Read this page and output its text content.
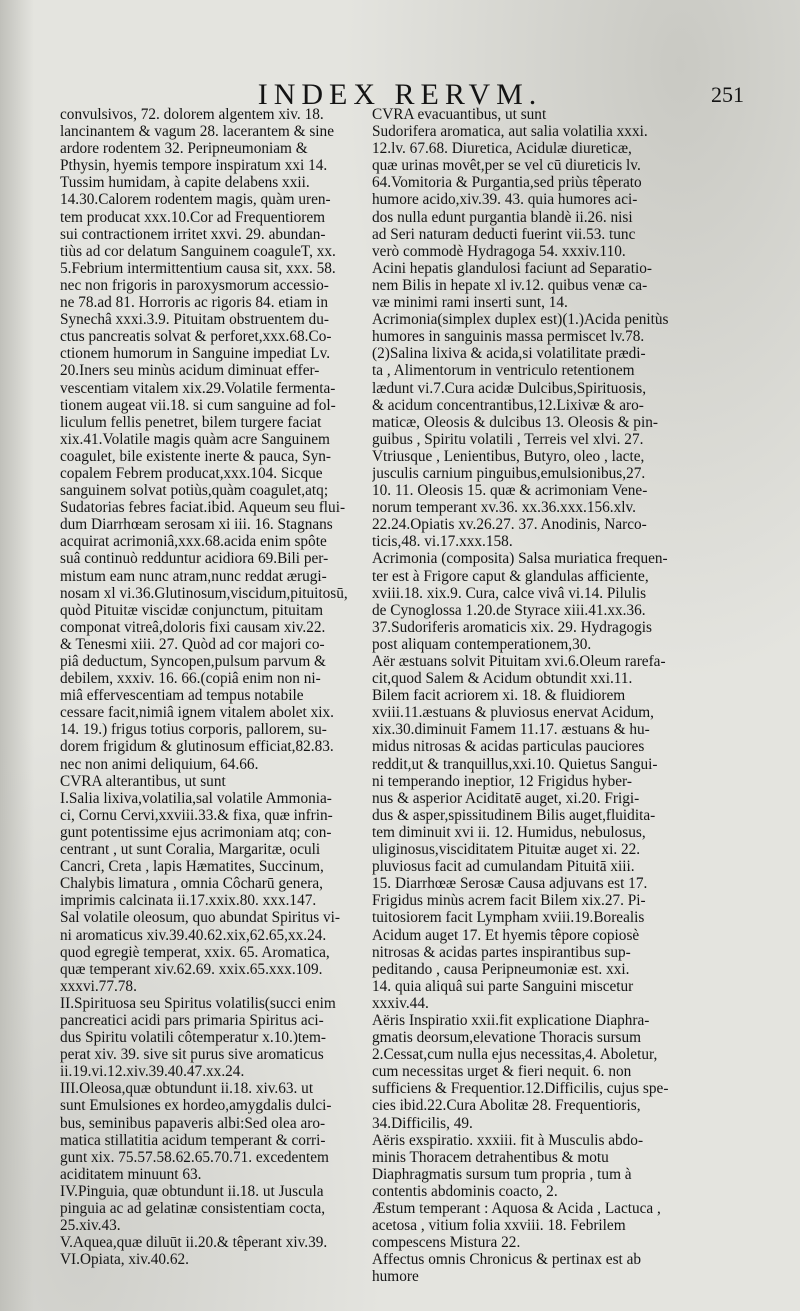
INDEX RERVM.	251
convulsivos, 72. dolorem algentem xiv. 18.
lancinantem & vagum 28. lacerantem & sine
ardore rodentem 32. Peripneumoniam &
Pthysin, hyemis tempore inspiratum xxi 14.
Tussim humidam, à capite delabens xxii.
14.30.Calorem rodentem magis, quàm uren-
tem producat xxx.10.Cor ad Frequentiorem
sui contractionem irritet xxvi. 29. abundan-
tiùs ad cor delatum Sanguinem coaguleT, xx.
5.Febrium intermittentium causa sit, xxx. 58.
nec non frigoris in paroxysmorum accessio-
ne 78.ad 81. Horroris ac rigoris 84. etiam in
Synechâ xxxi.3.9. Pituitam obstruentem du-
ctus pancreatis solvat & perforet,xxx.68.Co-
ctionem humorum in Sanguine impediat Lv.
20.Iners seu minùs acidum diminuat effer-
vescentiam vitalem xix.29.Volatile fermenta-
tionem augeat vii.18. si cum sanguine ad fol-
liculum fellis penetret, bilem turgere faciat
xix.41.Volatile magis quàm acre Sanguinem
coagulet, bile existente inerte & pauca, Syn-
copalem Febrem producat,xxx.104. Sicque
sanguinem solvat potiùs,quàm coagulet,atq;
Sudatorias febres faciat.ibid. Aqueum seu flui-
dum Diarrhœam serosam xi iii. 16. Stagnans
acquirat acrimoniâ,xxx.68.acida enim spôte
suâ continuò redduntur acidiora 69.Bili per-
mistum eam nunc atram,nunc reddat ærugi-
nosam xl vi.36.Glutinosum,viscidum,pituitosū,
quòd Pituitæ viscidæ conjunctum, pituitam
componat vitreâ,doloris fixi causam xiv.22.
& Tenesmi xiii. 27. Quòd ad cor majori co-
piâ deductum, Syncopen,pulsum parvum &
debilem, xxxiv. 16. 66.(copiâ enim non ni-
miâ effervescentiam ad tempus notabile
cessare facit,nimiâ ignem vitalem abolet xix.
14. 19.) frigus totius corporis, pallorem, su-
dorem frigidum & glutinosum efficiat,82.83.
nec non animi deliquium, 64.66.
CVRA alterantibus, ut sunt
I.Salia lixiva,volatilia,sal volatile Ammonia-
ci, Cornu Cervi,xxviii.33.& fixa, quæ infrin-
gunt potentissime ejus acrimoniam atq; con-
centrant , ut sunt Coralia, Margaritæ, oculi
Cancri, Creta , lapis Hæmatites, Succinum,
Chalybis limatura , omnia Côcharū genera,
imprimis calcinata ii.17.xxix.80. xxx.147.
Sal volatile oleosum, quo abundat Spiritus vi-
ni aromaticus xiv.39.40.62.xix,62.65,xx.24.
quod egregiè temperat, xxix. 65. Aromatica,
quæ temperant xiv.62.69. xxix.65.xxx.109.
xxxvi.77.78.
II.Spirituosa seu Spiritus volatilis(succi enim
pancreatici acidi pars primaria Spiritus aci-
dus Spiritu volatili côtemperatur x.10.)tem-
perat xiv. 39. sive sit purus sive aromaticus
ii.19.vi.12.xiv.39.40.47.xx.24.
III.Oleosa,quæ obtundunt ii.18. xiv.63. ut
sunt Emulsiones ex hordeo,amygdalis dulci-
bus, seminibus papaveris albi:Sed olea aro-
matica stillatitia acidum temperant & corri-
gunt xix. 75.57.58.62.65.70.71. excedentem
aciditatem minuunt 63.
IV.Pinguia, quæ obtundunt ii.18. ut Juscula
pinguia ac ad gelatinæ consistentiam cocta,
25.xiv.43.
V.Aquea,quæ diluūt ii.20.& têperant xiv.39.
VI.Opiata, xiv.40.62.
CVRA evacuantibus, ut sunt
Sudorifera aromatica, aut salia volatilia xxxi.
12.lv. 67.68. Diuretica, Acidulæ diureticæ,
quæ urinas movêt,per se vel cū diureticis lv.
64.Vomitoria & Purgantia,sed priùs têperato
humore acido,xiv.39. 43. quia humores aci-
dos nulla edunt purgantia blandè ii.26. nisi
ad Seri naturam deducti fuerint vii.53. tunc
verò commodè Hydragoga 54. xxxiv.110.
Acini hepatis glandulosi faciunt ad Separatio-
nem Bilis in hepate xl iv.12. quibus venæ ca-
væ minimi rami inserti sunt, 14.
Acrimonia(simplex duplex est)(1.)Acida penitùs
humores in sanguinis massa permiscet lv.78.
(2)Salina lixiva & acida,si volatilitate prædi-
ta , Alimentorum in ventriculo retentionem
lædunt vi.7.Cura acidæ Dulcibus,Spirituosis,
& acidum concentrantibus,12.Lixivæ & aro-
maticæ, Oleosis & dulcibus 13. Oleosis & pin-
guibus , Spiritu volatili , Terreis vel xlvi. 27.
Vtriusque , Lenientibus, Butyro, oleo , lacte,
jusculis carnium pinguibus,emulsionibus,27.
10. 11. Oleosis 15. quæ & acrimoniam Vene-
norum temperant xv.36. xx.36.xxx.156.xlv.
22.24.Opiatis xv.26.27. 37. Anodinis, Narco-
ticis,48. vi.17.xxx.158.
Acrimonia (composita) Salsa muriatica frequen-
ter est à Frigore caput & glandulas afficiente,
xviii.18. xix.9. Cura, calce vivâ vi.14. Pilulis
de Cynoglossa 1.20.de Styrace xiii.41.xx.36.
37.Sudoriferis aromaticis xix. 29. Hydragogis
post aliquam contemperationem,30.
Aër æstuans solvit Pituitam xvi.6.Oleum rarefa-
cit,quod Salem & Acidum obtundit xxi.11.
Bilem facit acriorem xi. 18. & fluidiorem
xviii.11.æstuans & pluviosus enervat Acidum,
xix.30.diminuit Famem 11.17. æstuans & hu-
midus nitrosas & acidas particulas pauciores
reddit,ut & tranquillus,xxi.10. Quietus Sangui-
ni temperando ineptior, 12 Frigidus hyber-
nus & asperior Aciditatē auget, xi.20. Frigi-
dus & asper,spissitudinem Bilis auget,fluidita-
tem diminuit xvi ii. 12. Humidus, nebulosus,
uliginosus,visciditatem Pituitæ auget xi. 22.
pluviosus facit ad cumulandam Pituitā xiii.
15. Diarrhœæ Serosæ Causa adjuvans est 17.
Frigidus minùs acrem facit Bilem xix.27. Pi-
tuitosiorem facit Lympham xviii.19.Borealis
Acidum auget 17. Et hyemis têpore copiosè
nitrosas & acidas partes inspirantibus sup-
peditando , causa Peripneumoniæ est. xxi.
14. quia aliquâ sui parte Sanguini miscetur
xxxiv.44.
Aëris Inspiratio xxii.fit explicatione Diaphra-
gmatis deorsum,elevatione Thoracis sursum
2.Cessat,cum nulla ejus necessitas,4. Aboletur,
cum necessitas urget & fieri nequit. 6. non
sufficiens & Frequentior.12.Difficilis, cujus spe-
cies ibid.22.Cura Abolitæ 28. Frequentioris,
34.Difficilis, 49.
Aëris exspiratio. xxxiii. fit à Musculis abdo-
minis Thoracem detrahentibus & motu
Diaphragmatis sursum tum propria , tum à
contentis abdominis coacto, 2.
Æstum temperant : Aquosa & Acida , Lactuca ,
acetosa , vitium folia xxviii. 18. Febrilem
compescens Mistura 22.
Affectus omnis Chronicus & pertinax est ab
humore
